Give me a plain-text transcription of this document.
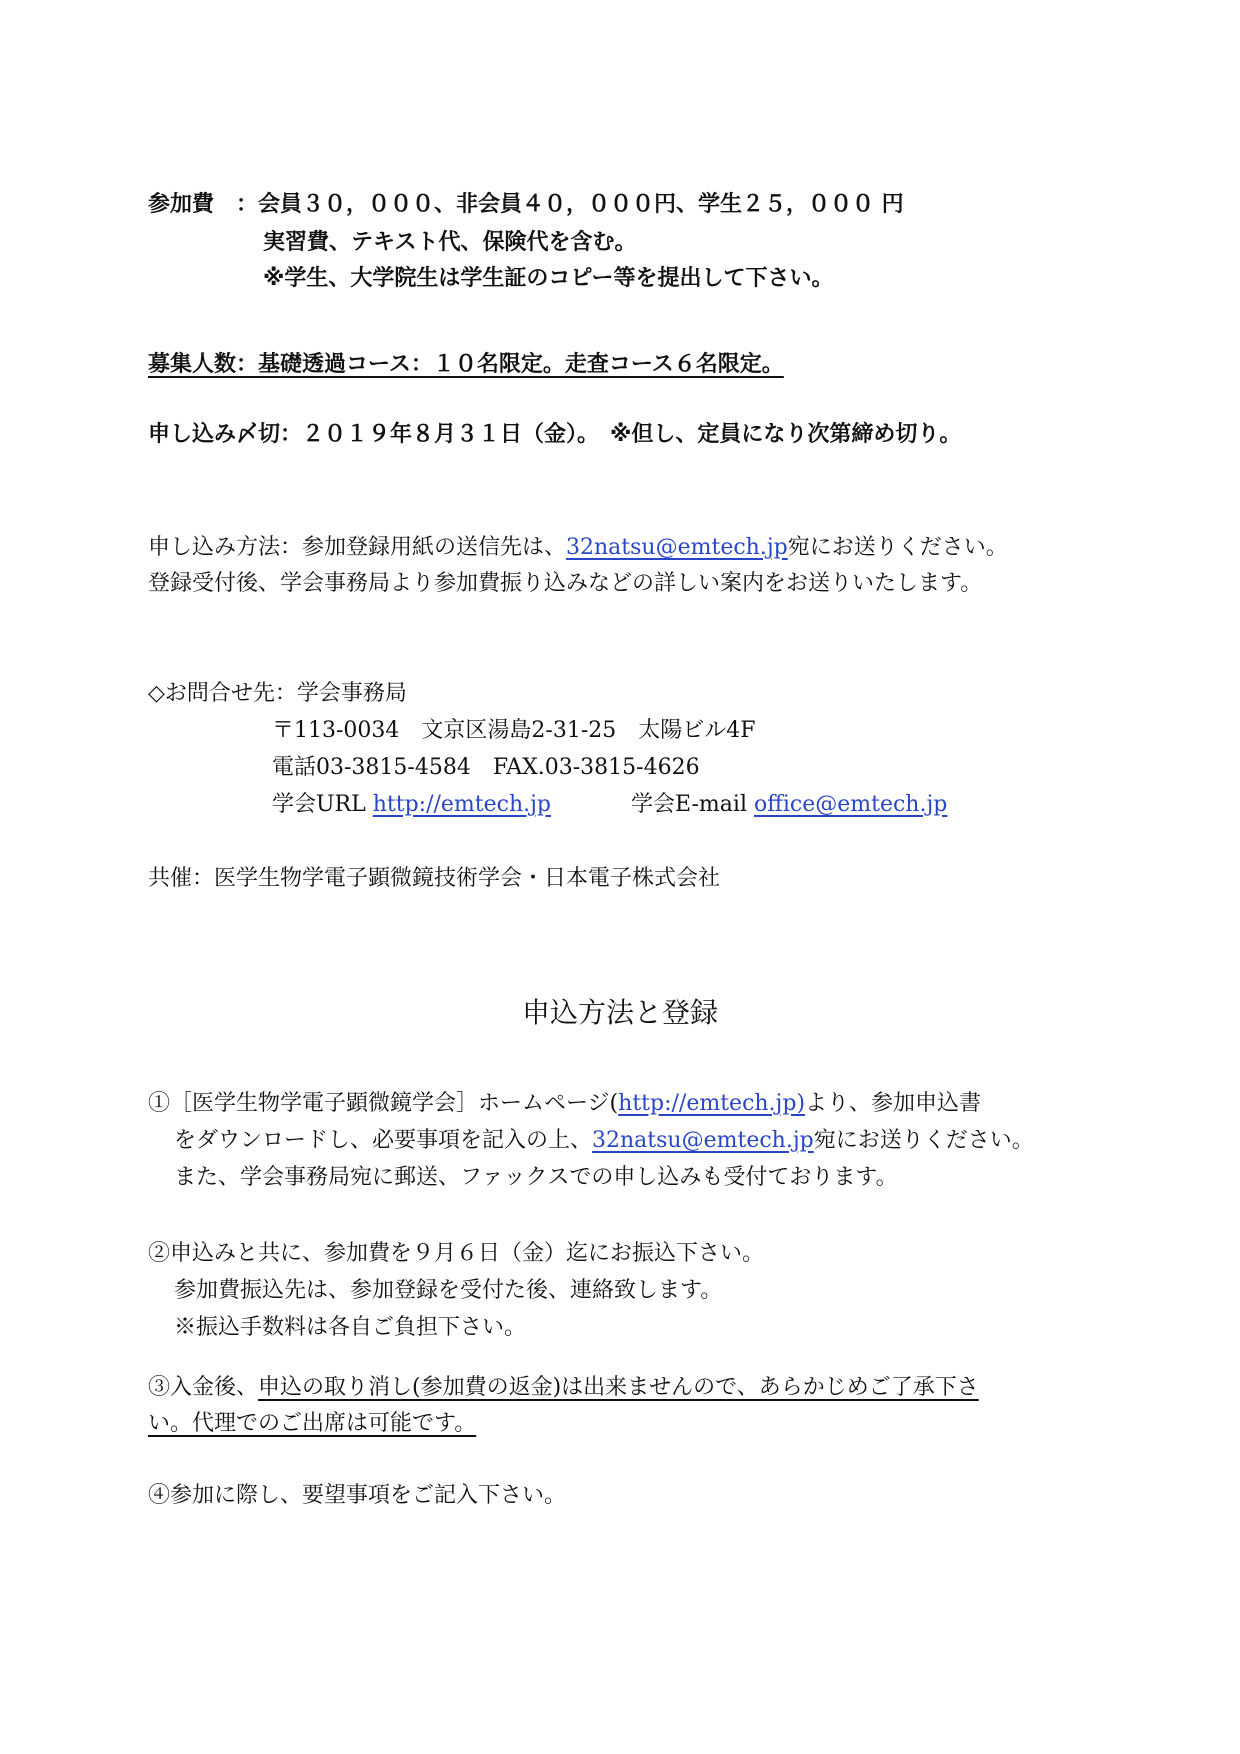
参加費　：会員３０，０００、非会員４０，０００円、学生２５，０００ 円
実習費、テキスト代、保険代を含む。
※学生、大学院生は学生証のコピー等を提出して下さい。
募集人数：基礎透過コース：１０名限定。走査コース６名限定。
申し込み〆切：２０１９年８月３１日（金）。　※但し、定員になり次第締め切り。
申し込み方法：参加登録用紙の送信先は、32natsu@emtech.jp宛にお送りください。
登録受付後、学会事務局より参加費振り込みなどの詳しい案内をお送りいたします。
◇お問合せ先：学会事務局
〒113-0034　文京区湯島2-31-25　太陽ビル4F
電話03-3815-4584　FAX.03-3815-4626
学会URL http://emtech.jp	学会E-mail office@emtech.jp
共催：医学生物学電子顕微鏡技術学会・日本電子株式会社
申込方法と登録
①［医学生物学電子顕微鏡学会］ホームページ(http://emtech.jp)より、参加申込書
をダウンロードし、必要事項を記入の上、32natsu@emtech.jp宛にお送りください。
また、学会事務局宛に郵送、ファックスでの申し込みも受付ております。
②申込みと共に、参加費を９月６日（金）迄にお振込下さい。
参加費振込先は、参加登録を受付た後、連絡致します。
※振込手数料は各自ご負担下さい。
③入金後、申込の取り消し(参加費の返金)は出来ませんので、あらかじめご了承下さ
い。代理でのご出席は可能です。
④参加に際し、要望事項をご記入下さい。
